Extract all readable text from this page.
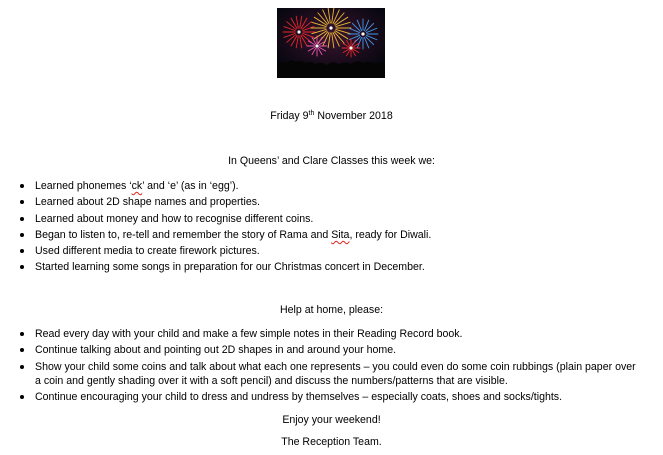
Friday 9th November 2018
In Queens’ and Clare Classes this week we:
Learned phonemes ‘ck’ and ‘e’ (as in ‘egg’).
Learned about 2D shape names and properties.
Learned about money and how to recognise different coins.
Began to listen to, re-tell and remember the story of Rama and Sita, ready for Diwali.
Used different media to create firework pictures.
Started learning some songs in preparation for our Christmas concert in December.
Help at home, please:
Read every day with your child and make a few simple notes in their Reading Record book.
Continue talking about and pointing out 2D shapes in and around your home.
Show your child some coins and talk about what each one represents – you could even do some coin rubbings (plain paper over a coin and gently shading over it with a soft pencil) and discuss the numbers/patterns that are visible.
Continue encouraging your child to dress and undress by themselves – especially coats, shoes and socks/tights.
Enjoy your weekend!
The Reception Team.
